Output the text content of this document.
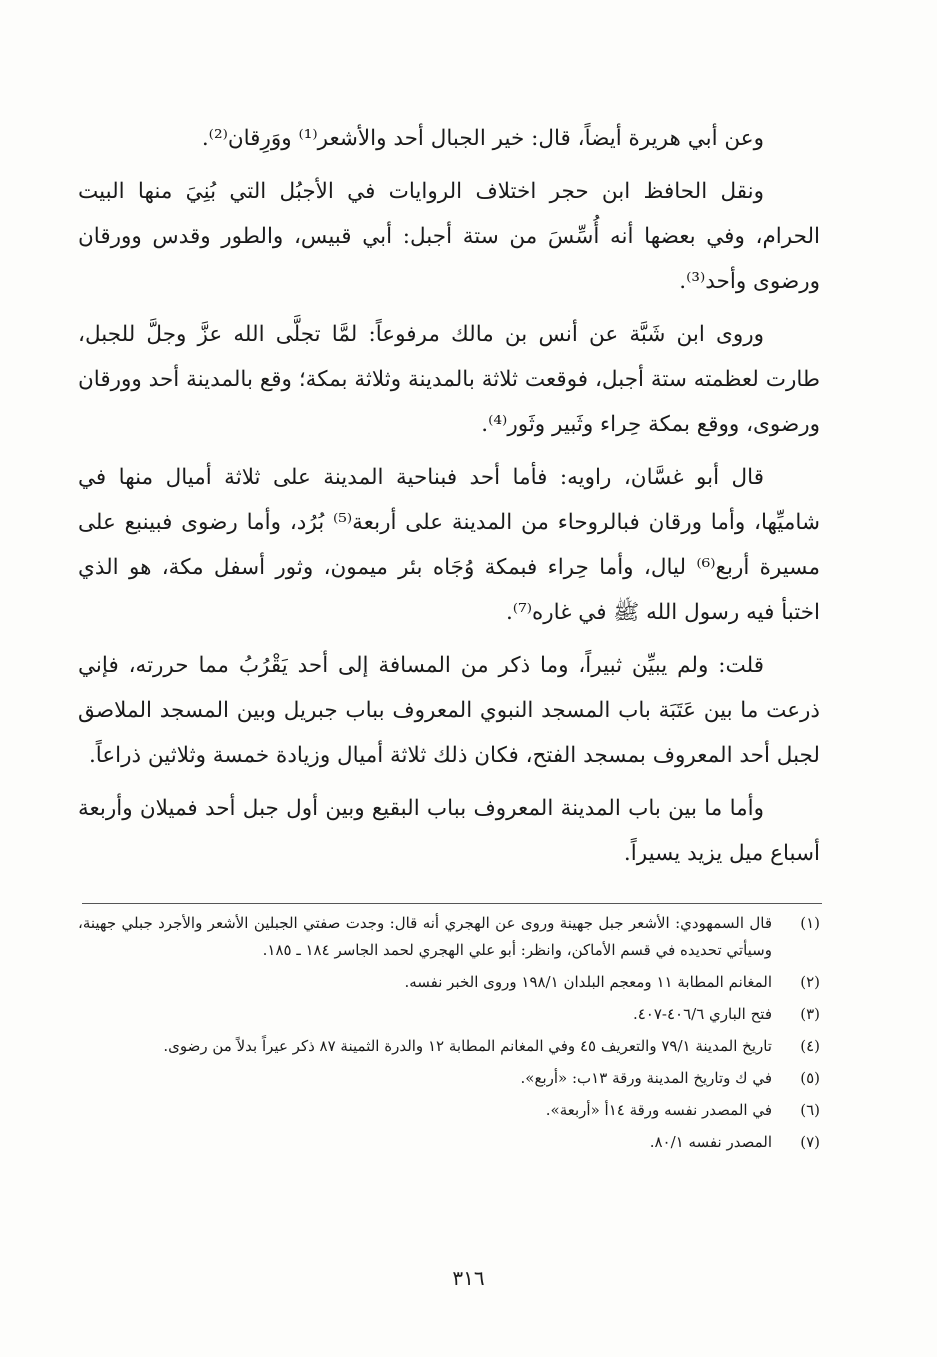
وعن أبي هريرة أيضاً، قال: خير الجبال أحد والأشعر⁽¹⁾ ووَرِقان⁽²⁾.

ونقل الحافظ ابن حجر اختلاف الروايات في الأجبُل التي بُنِيَ منها البيت الحرام، وفي بعضها أنه أُسِّسَ من ستة أجبل: أبي قبيس، والطور وقدس وورقان ورضوى وأحد⁽³⁾.

وروى ابن شَبَّة عن أنس بن مالك مرفوعاً: لمَّا تجلَّى الله عزَّ وجلَّ للجبل، طارت لعظمته ستة أجبل، فوقعت ثلاثة بالمدينة وثلاثة بمكة؛ وقع بالمدينة أحد وورقان ورضوى، ووقع بمكة حِراء وثَبير وثَور⁽⁴⁾.

قال أبو غسَّان، راويه: فأما أحد فبناحية المدينة على ثلاثة أميال منها في شاميِّها، وأما ورقان فبالروحاء من المدينة على أربعة⁽⁵⁾ بُرُد، وأما رضوى فبينبع على مسيرة أربع⁽⁶⁾ ليال، وأما حِراء فبمكة وُجَاه بئر ميمون، وثور أسفل مكة، هو الذي اختبأ فيه رسول الله ﷺ في غاره⁽⁷⁾.

قلت: ولم يبيِّن ثبيراً، وما ذكر من المسافة إلى أحد يَقْرُبُ مما حررته، فإني ذرعت ما بين عَتَبَة باب المسجد النبوي المعروف بباب جبريل وبين المسجد الملاصق لجبل أحد المعروف بمسجد الفتح، فكان ذلك ثلاثة أميال وزيادة خمسة وثلاثين ذراعاً.

وأما ما بين باب المدينة المعروف بباب البقيع وبين أول جبل أحد فميلان وأربعة أسباع ميل يزيد يسيراً.

(١)
قال السمهودي: الأشعر جبل جهينة وروى عن الهجري أنه قال: وجدت صفتي الجبلين الأشعر والأجرد جبلي جهينة، وسيأتي تحديده في قسم الأماكن، وانظر: أبو علي الهجري لحمد الجاسر ١٨٤ ـ ١٨٥.
(٢)
المغانم المطابة ١١ ومعجم البلدان ١٩٨/١ وروى الخبر نفسه.
(٣)
فتح الباري ٤٠٦/٦-٤٠٧.
(٤)
تاريخ المدينة ٧٩/١ والتعريف ٤٥ وفي المغانم المطابة ١٢ والدرة الثمينة ٨٧ ذكر عيراً بدلاً من رضوى.
(٥)
في ك وتاريخ المدينة ورقة ١٣ب: «أربع».
(٦)
في المصدر نفسه ورقة ١٤أ «أربعة».
(٧)
المصدر نفسه ٨٠/١.
٣١٦
